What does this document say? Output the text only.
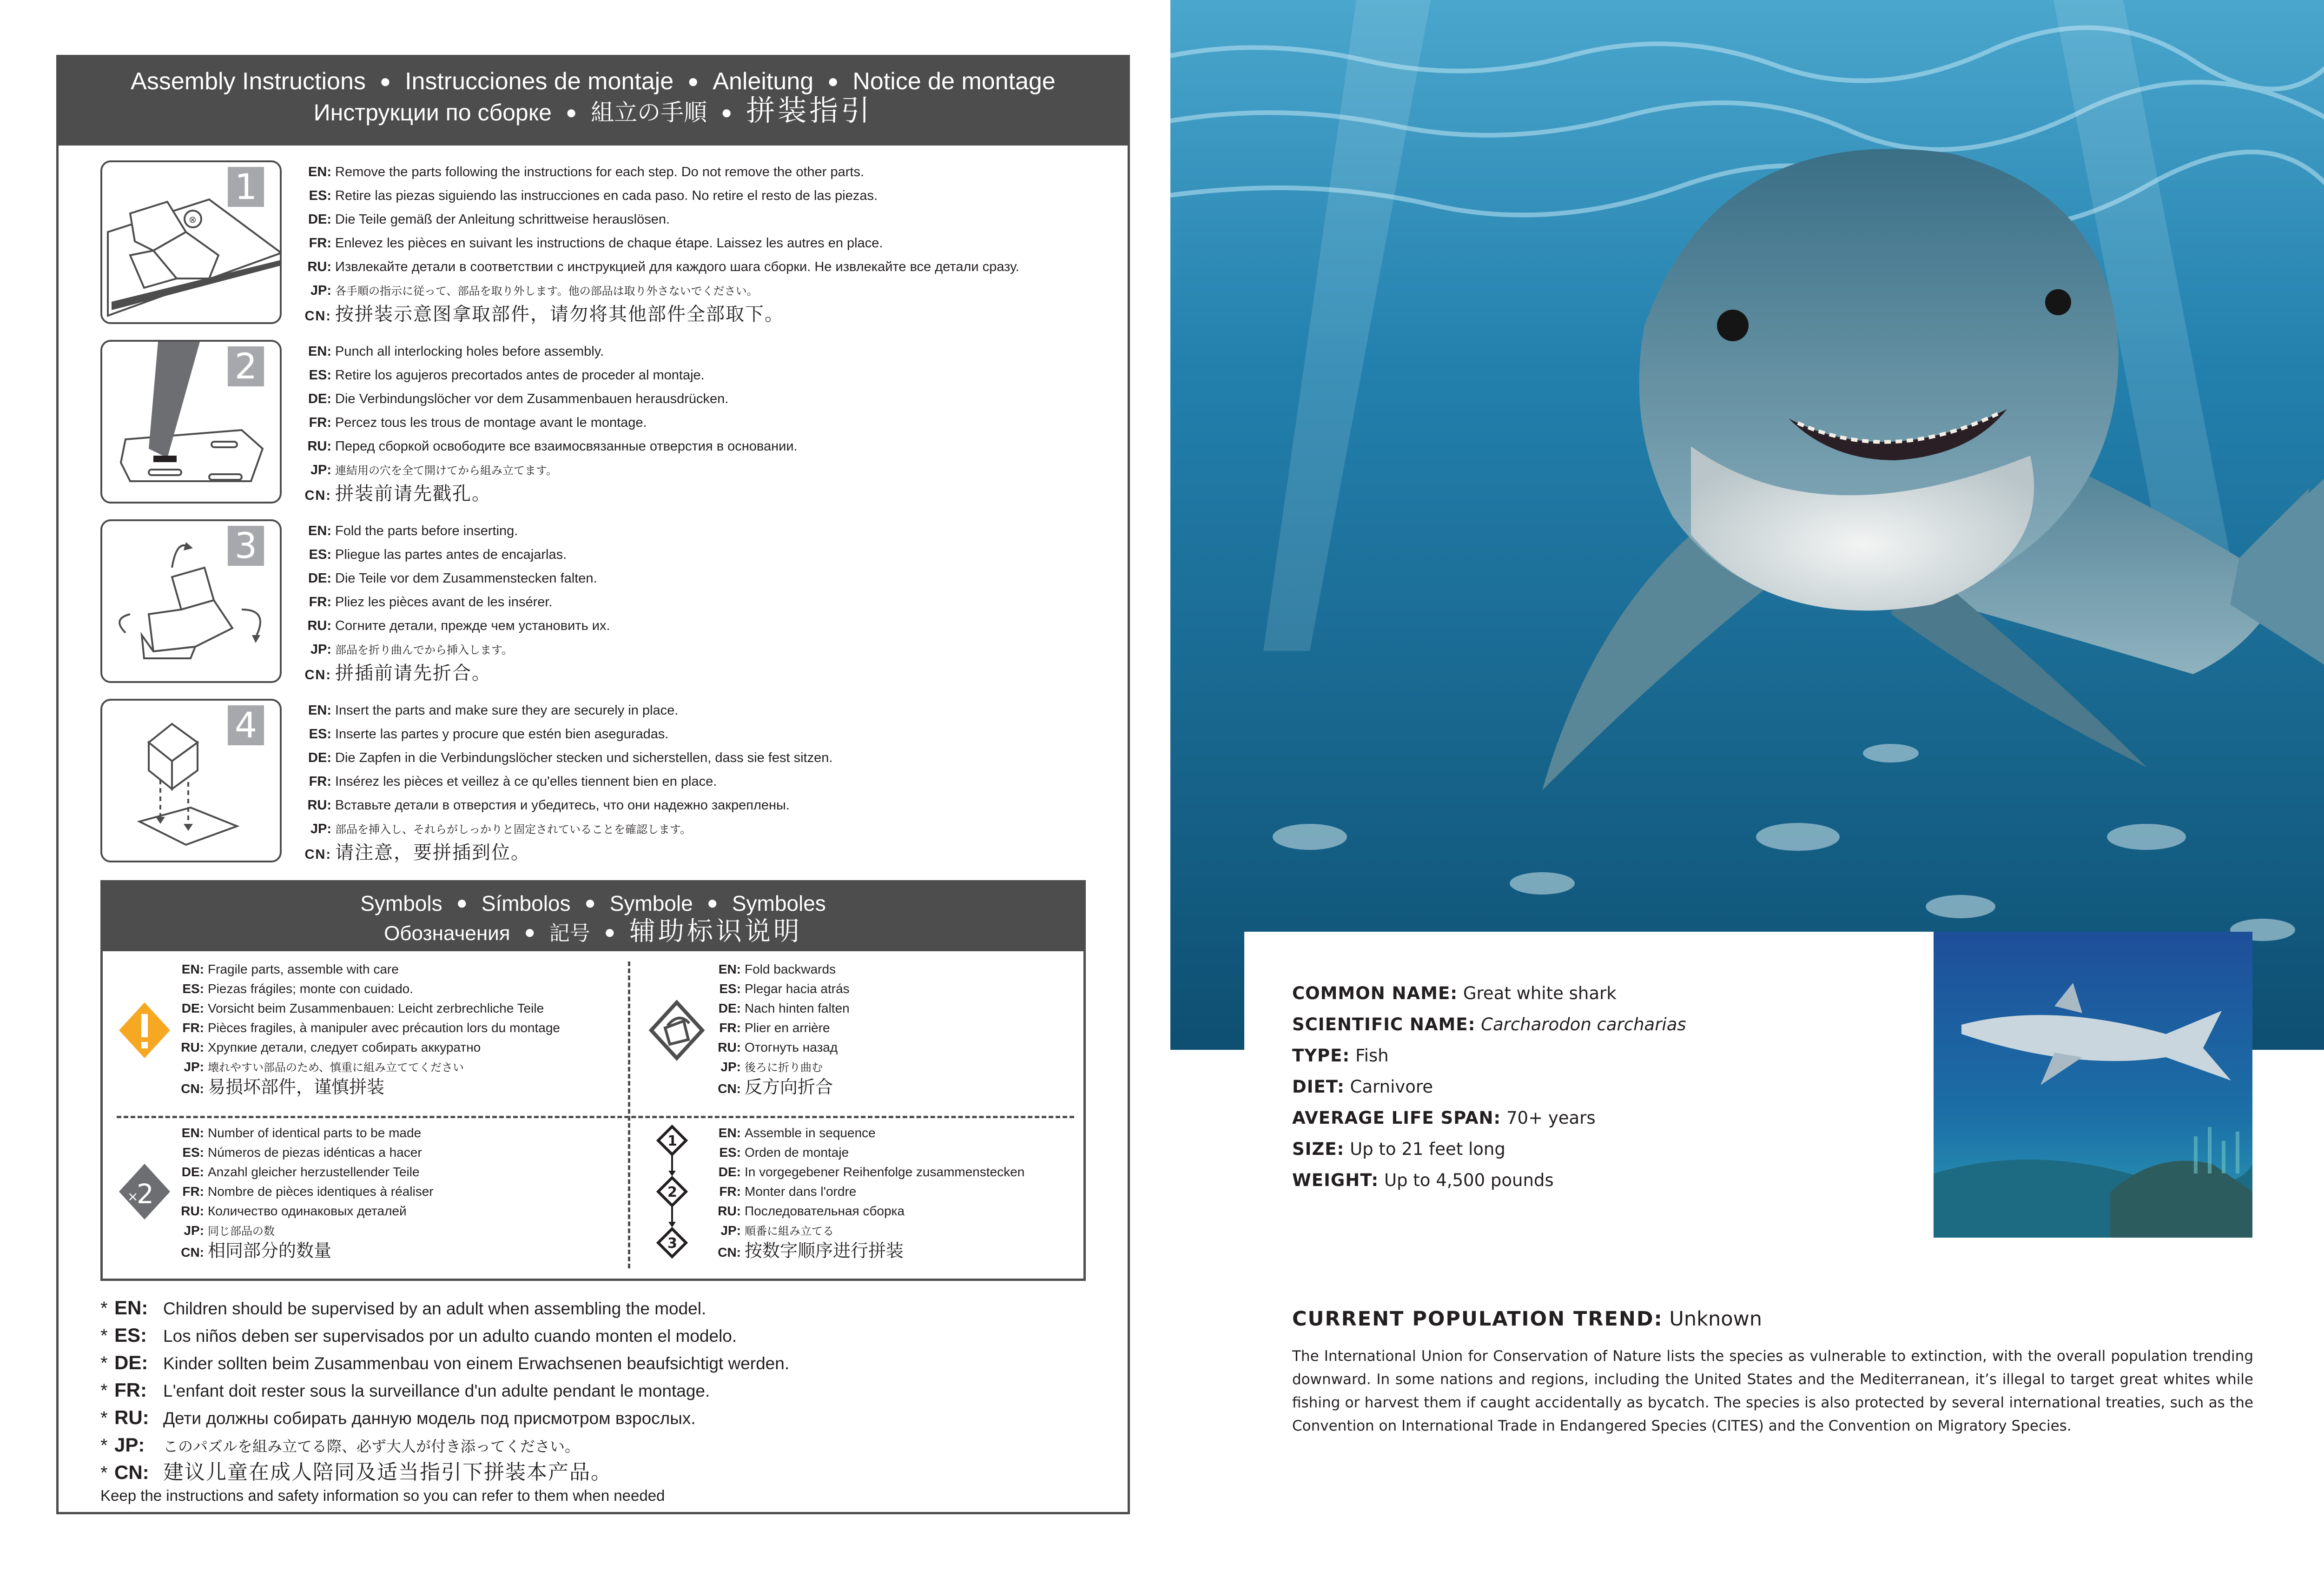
Assembly Instructions ● Instrucciones de montaje ● Anleitung ● Notice de montage
Инструкции по сборке ● 組立の手順 ● 拼装指引
⊗
1	EN: Remove the parts following the instructions for each step. Do not remove the other parts.
ES: Retire las piezas siguiendo las instrucciones en cada paso. No retire el resto de las piezas.
DE: Die Teile gemäß der Anleitung schrittweise herauslösen.
FR: Enlevez les pièces en suivant les instructions de chaque étape. Laissez les autres en place.
RU: Извлекайте детали в соответствии с инструкцией для каждого шага сборки. Не извлекайте все детали сразу.
JP: 各手順の指示に従って、部品を取り外します。他の部品は取り外さないでください。
CN: 按拼装示意图拿取部件，请勿将其他部件全部取下。
2	EN: Punch all interlocking holes before assembly.
ES: Retire los agujeros precortados antes de proceder al montaje.
DE: Die Verbindungslöcher vor dem Zusammenbauen herausdrücken.
FR: Percez tous les trous de montage avant le montage.
RU: Перед сборкой освободите все взаимосвязанные отверстия в основании.
JP: 連結用の穴を全て開けてから組み立てます。
CN: 拼装前请先戳孔。
3	EN: Fold the parts before inserting.
ES: Pliegue las partes antes de encajarlas.
DE: Die Teile vor dem Zusammenstecken falten.
FR: Pliez les pièces avant de les insérer.
RU: Согните детали, прежде чем установить их.
JP: 部品を折り曲んでから挿入します。
CN: 拼插前请先折合。
4	EN: Insert the parts and make sure they are securely in place.
ES: Inserte las partes y procure que estén bien aseguradas.
DE: Die Zapfen in die Verbindungslöcher stecken und sicherstellen, dass sie fest sitzen.
FR: Insérez les pièces et veillez à ce qu'elles tiennent bien en place.
RU: Вставьте детали в отверстия и убедитесь, что они надежно закреплены.
JP: 部品を挿入し、それらがしっかりと固定されていることを確認します。
CN: 请注意，要拼插到位。
Symbols ● Símbolos ● Symbole ● Symboles
Обозначения ● 記号 ● 辅助标识说明
EN: Fragile parts, assemble with care
ES: Piezas frágiles; monte con cuidado.
DE: Vorsicht beim Zusammenbauen: Leicht zerbrechliche Teile
FR: Pièces fragiles, à manipuler avec précaution lors du montage
RU: Хрупкие детали, следует собирать аккуратно
JP: 壊れやすい部品のため、慎重に組み立ててください
CN: 易损坏部件，谨慎拼装
EN: Fold backwards
ES: Plegar hacia atrás
DE: Nach hinten falten
FR: Plier en arrière
RU: Отогнуть назад
JP: 後ろに折り曲む
CN: 反方向折合
×
2
EN: Number of identical parts to be made
ES: Números de piezas idénticas a hacer
DE: Anzahl gleicher herzustellender Teile
FR: Nombre de pièces identiques à réaliser
RU: Количество одинаковых деталей
JP: 同じ部品の数
CN: 相同部分的数量
1
2
3
EN: Assemble in sequence
ES: Orden de montaje
DE: In vorgegebener Reihenfolge zusammenstecken
FR: Monter dans l'ordre
RU: Последовательная сборка
JP: 順番に組み立てる
CN: 按数字顺序进行拼装
* EN: Children should be supervised by an adult when assembling the model.
* ES: Los niños deben ser supervisados por un adulto cuando monten el modelo.
* DE: Kinder sollten beim Zusammenbau von einem Erwachsenen beaufsichtigt werden.
* FR: L'enfant doit rester sous la surveillance d'un adulte pendant le montage.
* RU: Дети должны собирать данную модель под присмотром взрослых.
* JP: このパズルを組み立てる際、必ず大人が付き添ってください。
* CN: 建议儿童在成人陪同及适当指引下拼装本产品。
Keep the instructions and safety information so you can refer to them when needed
COMMON NAME: Great white shark
SCIENTIFIC NAME: Carcharodon carcharias
TYPE: Fish
DIET: Carnivore
AVERAGE LIFE SPAN: 70+ years
SIZE: Up to 21 feet long
WEIGHT: Up to 4,500 pounds
CURRENT POPULATION TREND: Unknown
The International Union for Conservation of Nature lists the species as vulnerable to extinction, with the overall population trending downward. In some nations and regions, including the United States and the Mediterranean, it’s illegal to target great whites while fishing or harvest them if caught accidentally as bycatch. The species is also protected by several international treaties, such as the Convention on International Trade in Endangered Species (CITES) and the Convention on Migratory Species.
